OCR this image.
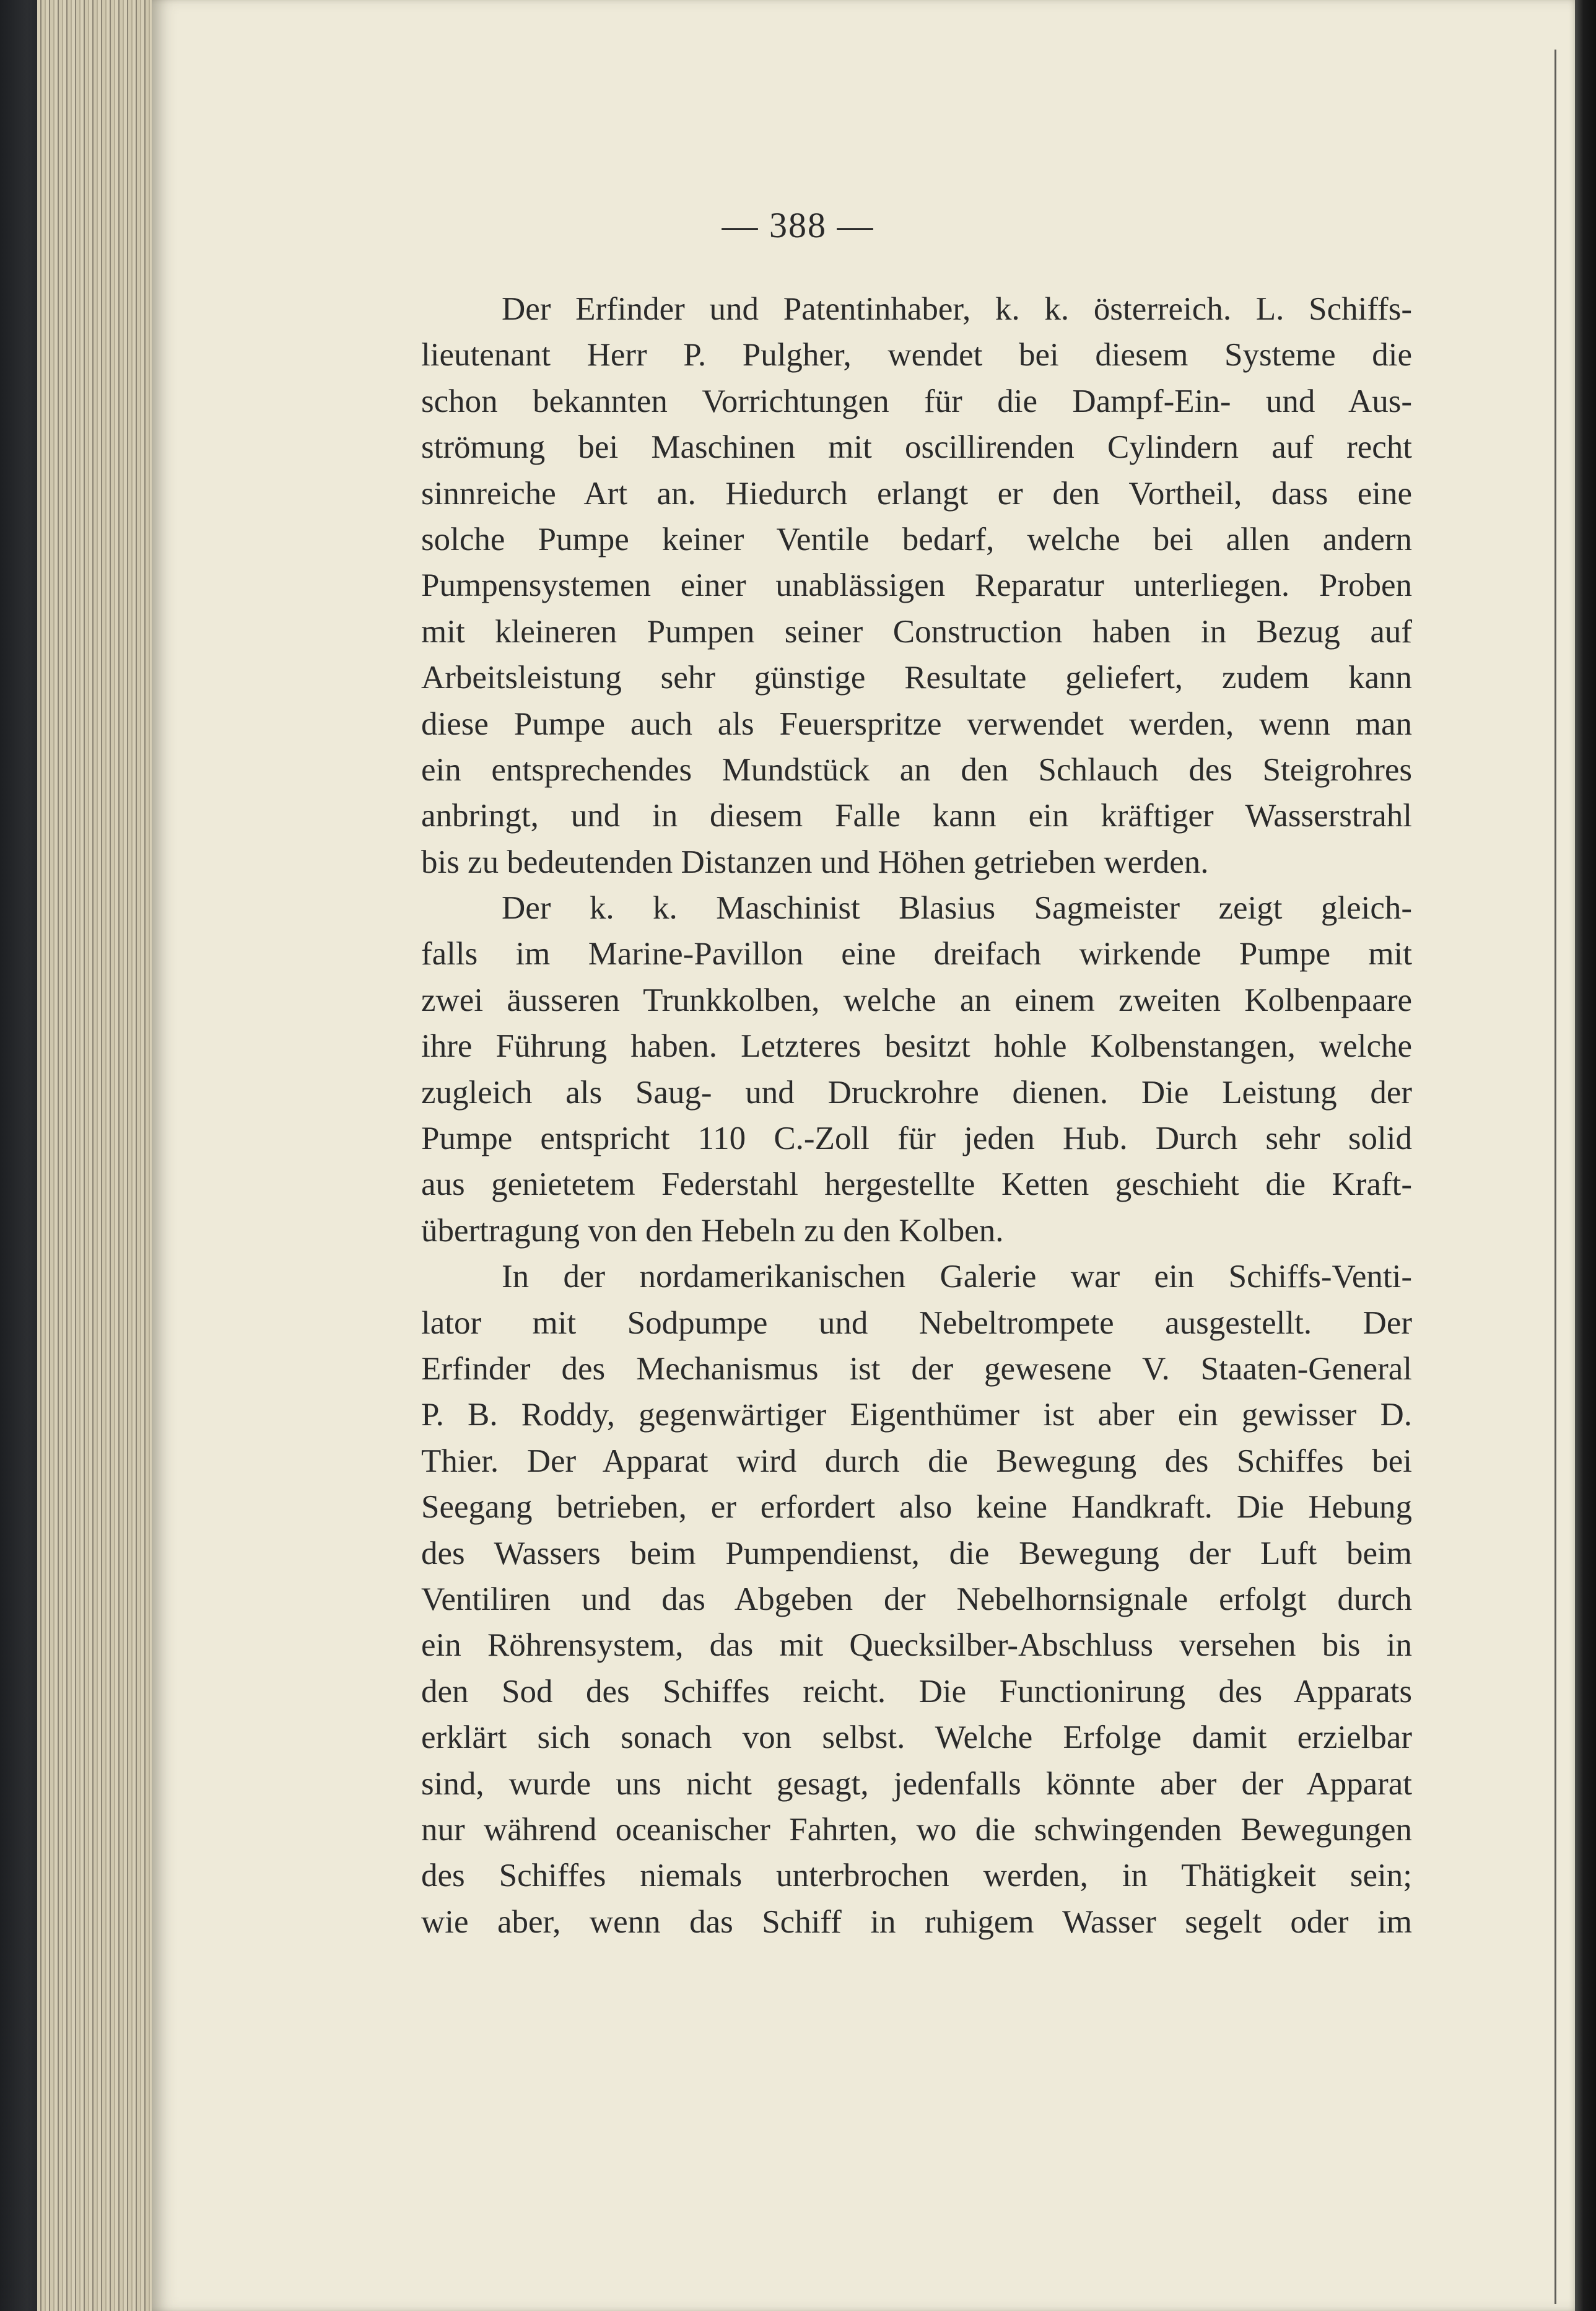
— 388 —
Der Erfinder und Patentinhaber, k. k. österreich. L. Schiffs-
lieutenant Herr P. Pulgher, wendet bei diesem Systeme die
schon bekannten Vorrichtungen für die Dampf-Ein- und Aus-
strömung bei Maschinen mit oscillirenden Cylindern auf recht
sinnreiche Art an. Hiedurch erlangt er den Vortheil, dass eine
solche Pumpe keiner Ventile bedarf, welche bei allen andern
Pumpensystemen einer unablässigen Reparatur unterliegen. Proben
mit kleineren Pumpen seiner Construction haben in Bezug auf
Arbeitsleistung sehr günstige Resultate geliefert, zudem kann
diese Pumpe auch als Feuerspritze verwendet werden, wenn man
ein entsprechendes Mundstück an den Schlauch des Steigrohres
anbringt, und in diesem Falle kann ein kräftiger Wasserstrahl
bis zu bedeutenden Distanzen und Höhen getrieben werden.
Der k. k. Maschinist Blasius Sagmeister zeigt gleich-
falls im Marine-Pavillon eine dreifach wirkende Pumpe mit
zwei äusseren Trunkkolben, welche an einem zweiten Kolbenpaare
ihre Führung haben. Letzteres besitzt hohle Kolbenstangen, welche
zugleich als Saug- und Druckrohre dienen. Die Leistung der
Pumpe entspricht 110 C.-Zoll für jeden Hub. Durch sehr solid
aus genietetem Federstahl hergestellte Ketten geschieht die Kraft-
übertragung von den Hebeln zu den Kolben.
In der nordamerikanischen Galerie war ein Schiffs-Venti-
lator mit Sodpumpe und Nebeltrompete ausgestellt. Der
Erfinder des Mechanismus ist der gewesene V. Staaten-General
P. B. Roddy, gegenwärtiger Eigenthümer ist aber ein gewisser D.
Thier. Der Apparat wird durch die Bewegung des Schiffes bei
Seegang betrieben, er erfordert also keine Handkraft. Die Hebung
des Wassers beim Pumpendienst, die Bewegung der Luft beim
Ventiliren und das Abgeben der Nebelhornsignale erfolgt durch
ein Röhrensystem, das mit Quecksilber-Abschluss versehen bis in
den Sod des Schiffes reicht. Die Functionirung des Apparats
erklärt sich sonach von selbst. Welche Erfolge damit erzielbar
sind, wurde uns nicht gesagt, jedenfalls könnte aber der Apparat
nur während oceanischer Fahrten, wo die schwingenden Bewegungen
des Schiffes niemals unterbrochen werden, in Thätigkeit sein;
wie aber, wenn das Schiff in ruhigem Wasser segelt oder im
